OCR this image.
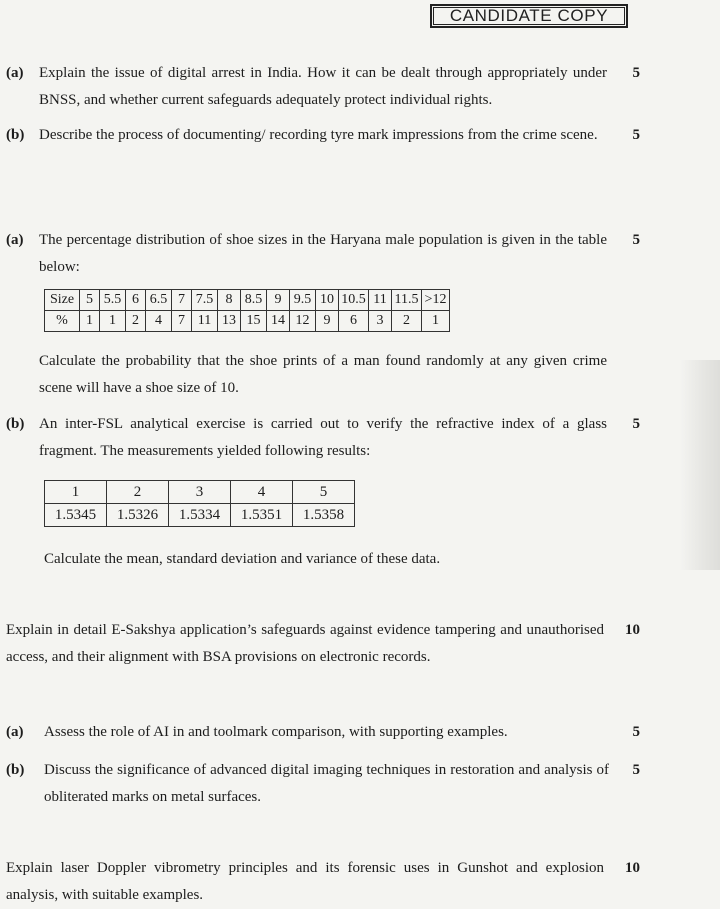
CANDIDATE COPY
(a) Explain the issue of digital arrest in India. How it can be dealt through appropriately under BNSS, and whether current safeguards adequately protect individual rights.
5
(b) Describe the process of documenting/ recording tyre mark impressions from the crime scene.	5
(a) The percentage distribution of shoe sizes in the Haryana male population is given in the table below:
5
Size	5	5.5	6	6.5	7	7.5	8	8.5	9	9.5	10	10.5	11	11.5	>12
%	1	1	2	4	7	11	13	15	14	12	9	6	3	2	1
Calculate the probability that the shoe prints of a man found randomly at any given crime scene will have a shoe size of 10.
(b) An inter-FSL analytical exercise is carried out to verify the refractive index of a glass fragment. The measurements yielded following results:
5
1	2	3	4	5
1.5345	1.5326	1.5334	1.5351	1.5358
Calculate the mean, standard deviation and variance of these data.
Explain in detail E-Sakshya application’s safeguards against evidence tampering and unauthorised access, and their alignment with BSA provisions on electronic records.
10
(a) Assess the role of AI in and toolmark comparison, with supporting examples.	5
(b) Discuss the significance of advanced digital imaging techniques in restoration and analysis of obliterated marks on metal surfaces.
5
Explain laser Doppler vibrometry principles and its forensic uses in Gunshot and explosion analysis, with suitable examples.
10
